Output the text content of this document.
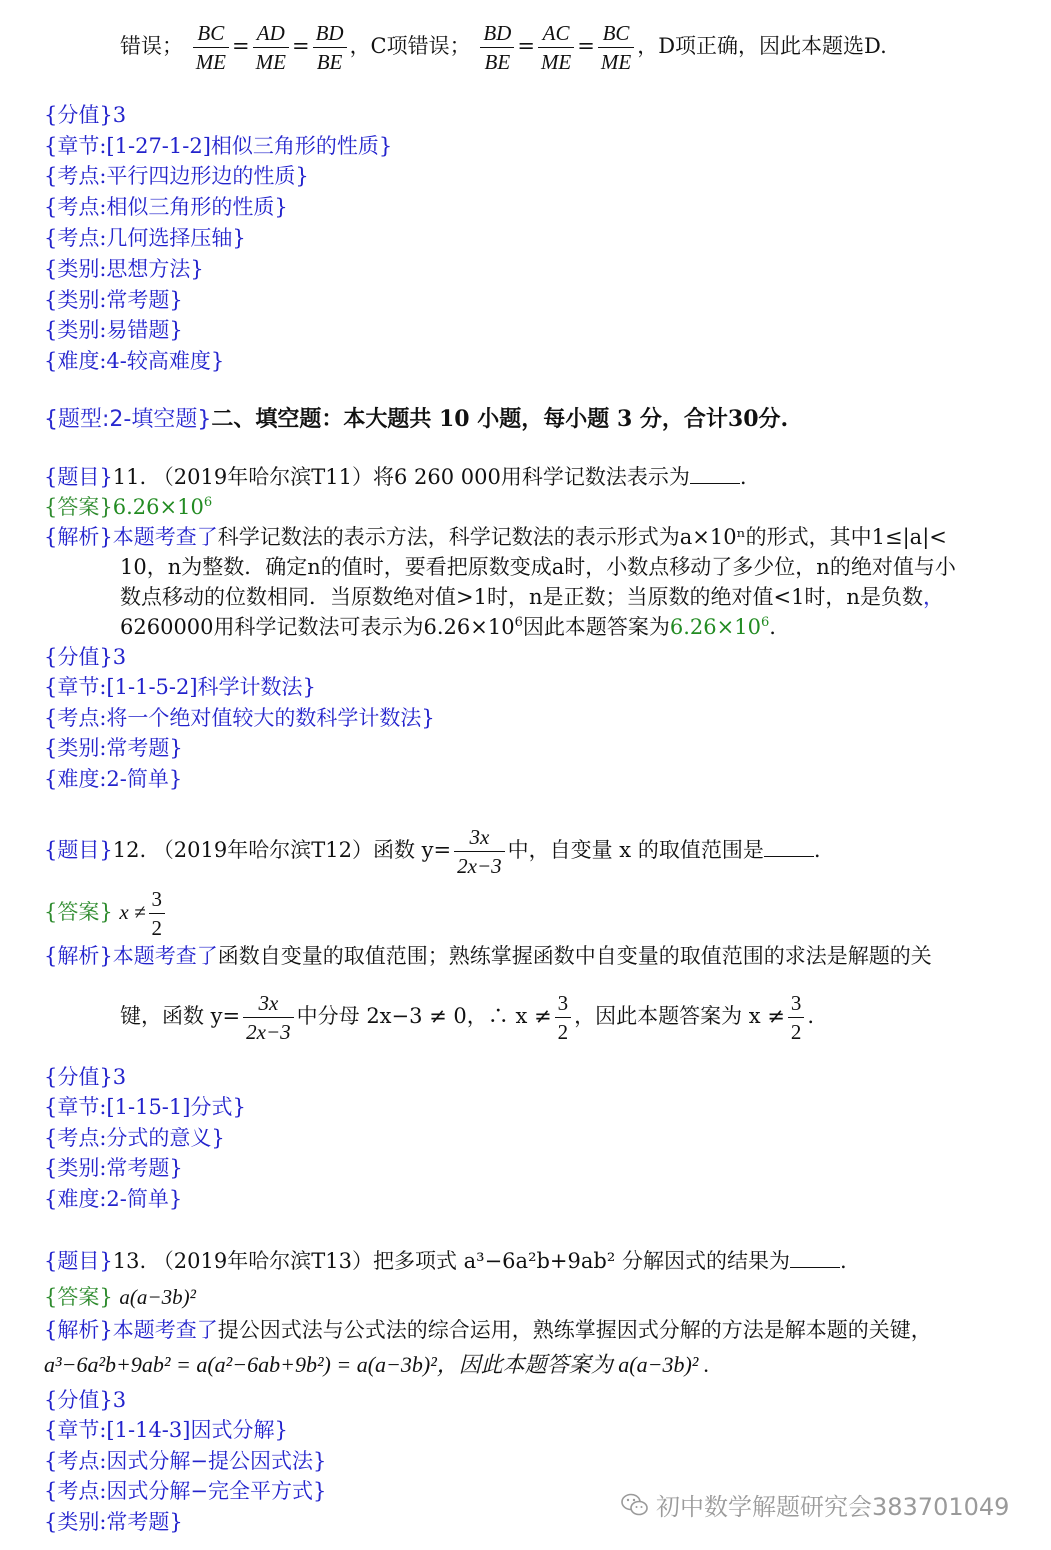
错误； $\frac{BC}{ME} = \frac{AD}{ME} = \frac{BD}{BE}$ ，C项错误； $\frac{BD}{BE} = \frac{AC}{ME} = \frac{BC}{ME}$ ，D项正确，因此本题选D.
{分值}3
{章节:[1-27-1-2]相似三角形的性质}
{考点:平行四边形边的性质}
{考点:相似三角形的性质}
{考点:几何选择压轴}
{类别:思想方法}
{类别:常考题}
{类别:易错题}
{难度:4-较高难度}
{题型:2-填空题}二、填空题：本大题共 10 小题，每小题 3 分，合计30分.
{题目}11. （2019年哈尔滨T11）将6 260 000用科学记数法表示为 .
{答案}$6.26\times 10^6$
{解析}本题考查了科学记数法的表示方法，科学记数法的表示形式为a×10ⁿ的形式，其中1≤|a|<
10，n为整数．确定n的值时，要看把原数变成a时，小数点移动了多少位，n的绝对值与小
数点移动的位数相同．当原数绝对值>1时，n是正数；当原数的绝对值<1时，n是负数，
6260000用科学记数法可表示为$6.26\times 10^6$因此本题答案为$6.26\times 10^6$.
{分值}3
{章节:[1-1-5-2]科学计数法}
{考点:将一个绝对值较大的数科学计数法}
{类别:常考题}
{难度:2-简单}
{题目}12. （2019年哈尔滨T12）函数 $y= \frac{3x}{2x-3}$ 中，自变量 x 的取值范围是 .
{答案} $x \ne \frac{3}{2}$
{解析}本题考查了函数自变量的取值范围；熟练掌握函数中自变量的取值范围的求法是解题的关
键，函数 $y= \frac{3x}{2x-3}$ 中分母 2x−3 ≠ 0，∴ $x \ne \frac{3}{2}$ ，因此本题答案为 $x \ne \frac{3}{2}$ .
{分值}3
{章节:[1-15-1]分式}
{考点:分式的意义}
{类别:常考题}
{难度:2-简单}
{题目}13. （2019年哈尔滨T13）把多项式 a³−6a²b+9ab² 分解因式的结果为 .
{答案} a(a−3b)²
{解析}本题考查了提公因式法与公式法的综合运用，熟练掌握因式分解的方法是解本题的关键，
a³−6a²b+9ab² = a(a²−6ab+9b²) = a(a−3b)²，因此本题答案为 a(a−3b)² .
{分值}3
{章节:[1-14-3]因式分解}
{考点:因式分解−提公因式法}
{考点:因式分解−完全平方式}
{类别:常考题}
初中数学解题研究会383701049
